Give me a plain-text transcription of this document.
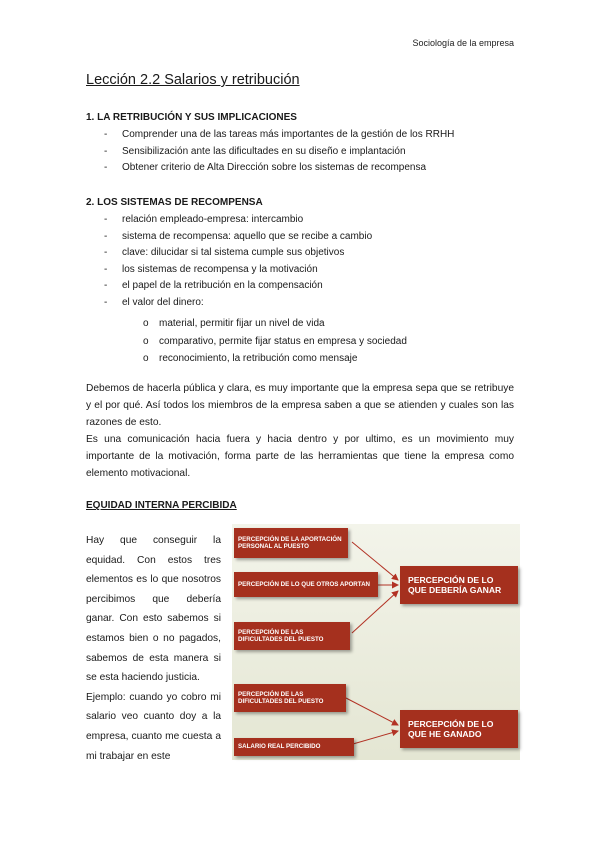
Sociología de la empresa
Lección 2.2 Salarios y retribución
1. LA RETRIBUCIÓN Y SUS IMPLICACIONES
- Comprender una de las tareas más importantes de la gestión de los RRHH
- Sensibilización ante las dificultades en su diseño e implantación
- Obtener criterio de Alta Dirección sobre los sistemas de recompensa
2. LOS SISTEMAS DE RECOMPENSA
- relación empleado-empresa: intercambio
- sistema de recompensa: aquello que se recibe a cambio
- clave: dilucidar si tal sistema cumple sus objetivos
- los sistemas de recompensa y la motivación
- el papel de la retribución en la compensación
- el valor del dinero:
o material, permitir fijar un nivel de vida
o comparativo, permite fijar status en empresa y sociedad
o reconocimiento, la retribución como mensaje

Debemos de hacerla pública y clara, es muy importante que la empresa sepa que se retribuye y el por qué. Así todos los miembros de la empresa saben a que se atienden y cuales son las razones de esto.

Es una comunicación hacia fuera y hacia dentro y por ultimo, es un movimiento muy importante de la motivación, forma parte de las herramientas que tiene la empresa como elemento motivacional.

EQUIDAD INTERNA PERCIBIDA
Hay que conseguir la equidad. Con estos tres elementos es lo que nosotros percibimos que debería ganar. Con esto sabemos si estamos bien o no pagados, sabemos de esta manera si se esta haciendo justicia.
Ejemplo: cuando yo cobro mi salario veo cuanto doy a la empresa, cuanto me cuesta a mi trabajar en este
PERCEPCIÓN DE LA APORTACIÓN PERSONAL AL PUESTO
PERCEPCIÓN DE LO QUE OTROS APORTAN
PERCEPCIÓN DE LAS DIFICULTADES DEL PUESTO
PERCEPCIÓN DE LO QUE DEBERÍA GANAR
PERCEPCIÓN DE LAS DIFICULTADES DEL PUESTO
SALARIO REAL PERCIBIDO
PERCEPCIÓN DE LO QUE HE GANADO
